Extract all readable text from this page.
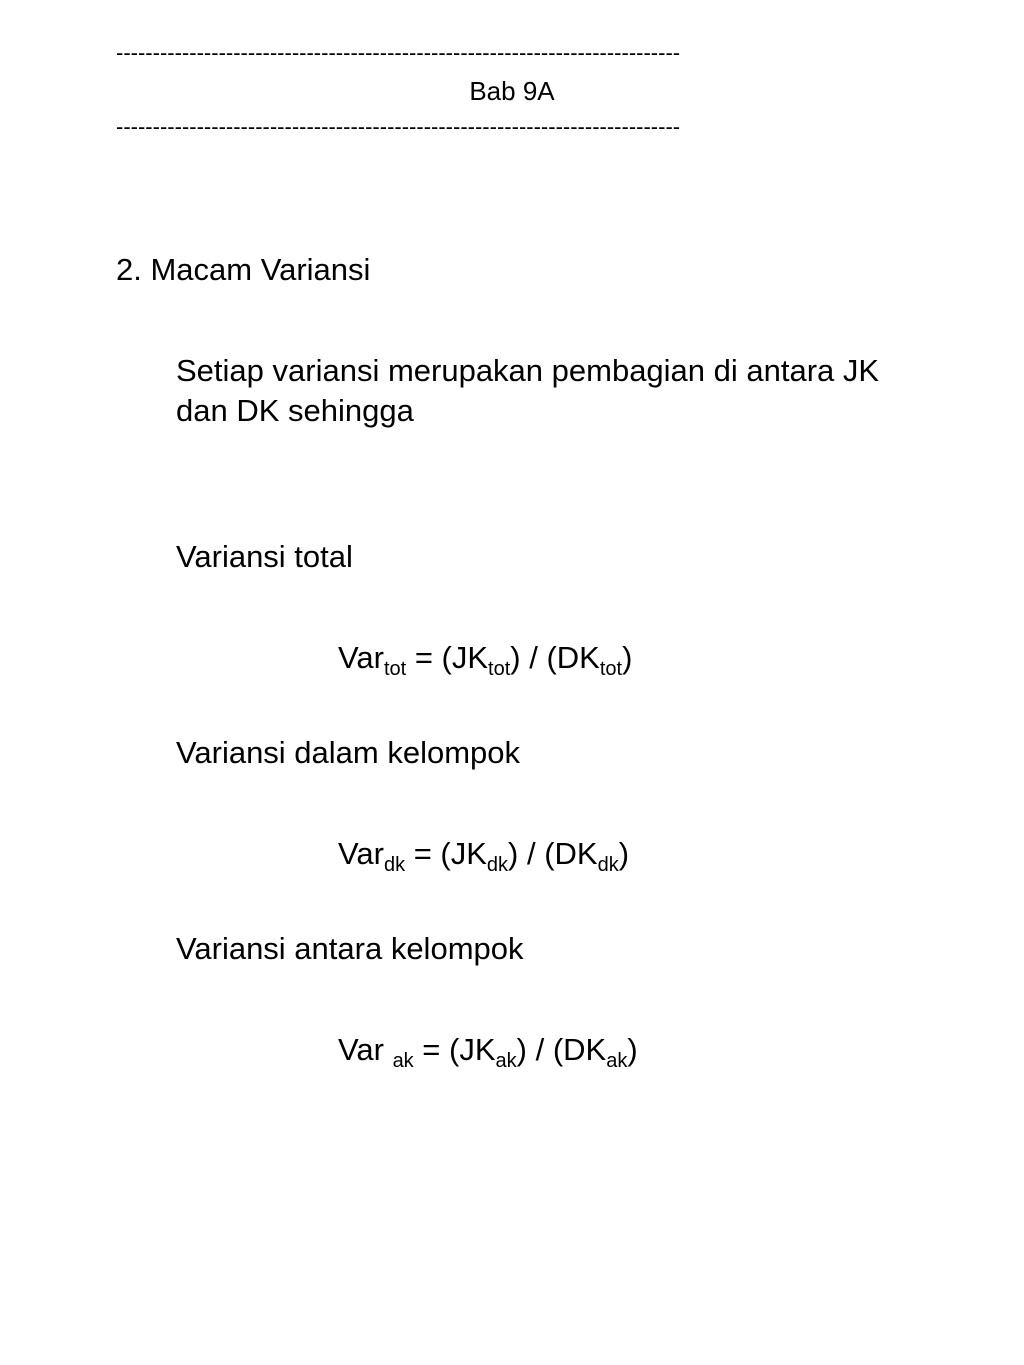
-----------------------------------------------------------------------------
Bab 9A
-----------------------------------------------------------------------------
2. Macam Variansi
Setiap variansi merupakan pembagian di antara JK
dan DK sehingga
Variansi total
$Var_{tot} = (JK_{tot}) / (DK_{tot})$
Variansi dalam kelompok
$Var_{dk} = (JK_{dk}) / (DK_{dk})$
Variansi antara kelompok
Var $_{ak} = (JK_{ak}) / (DK_{ak})$
